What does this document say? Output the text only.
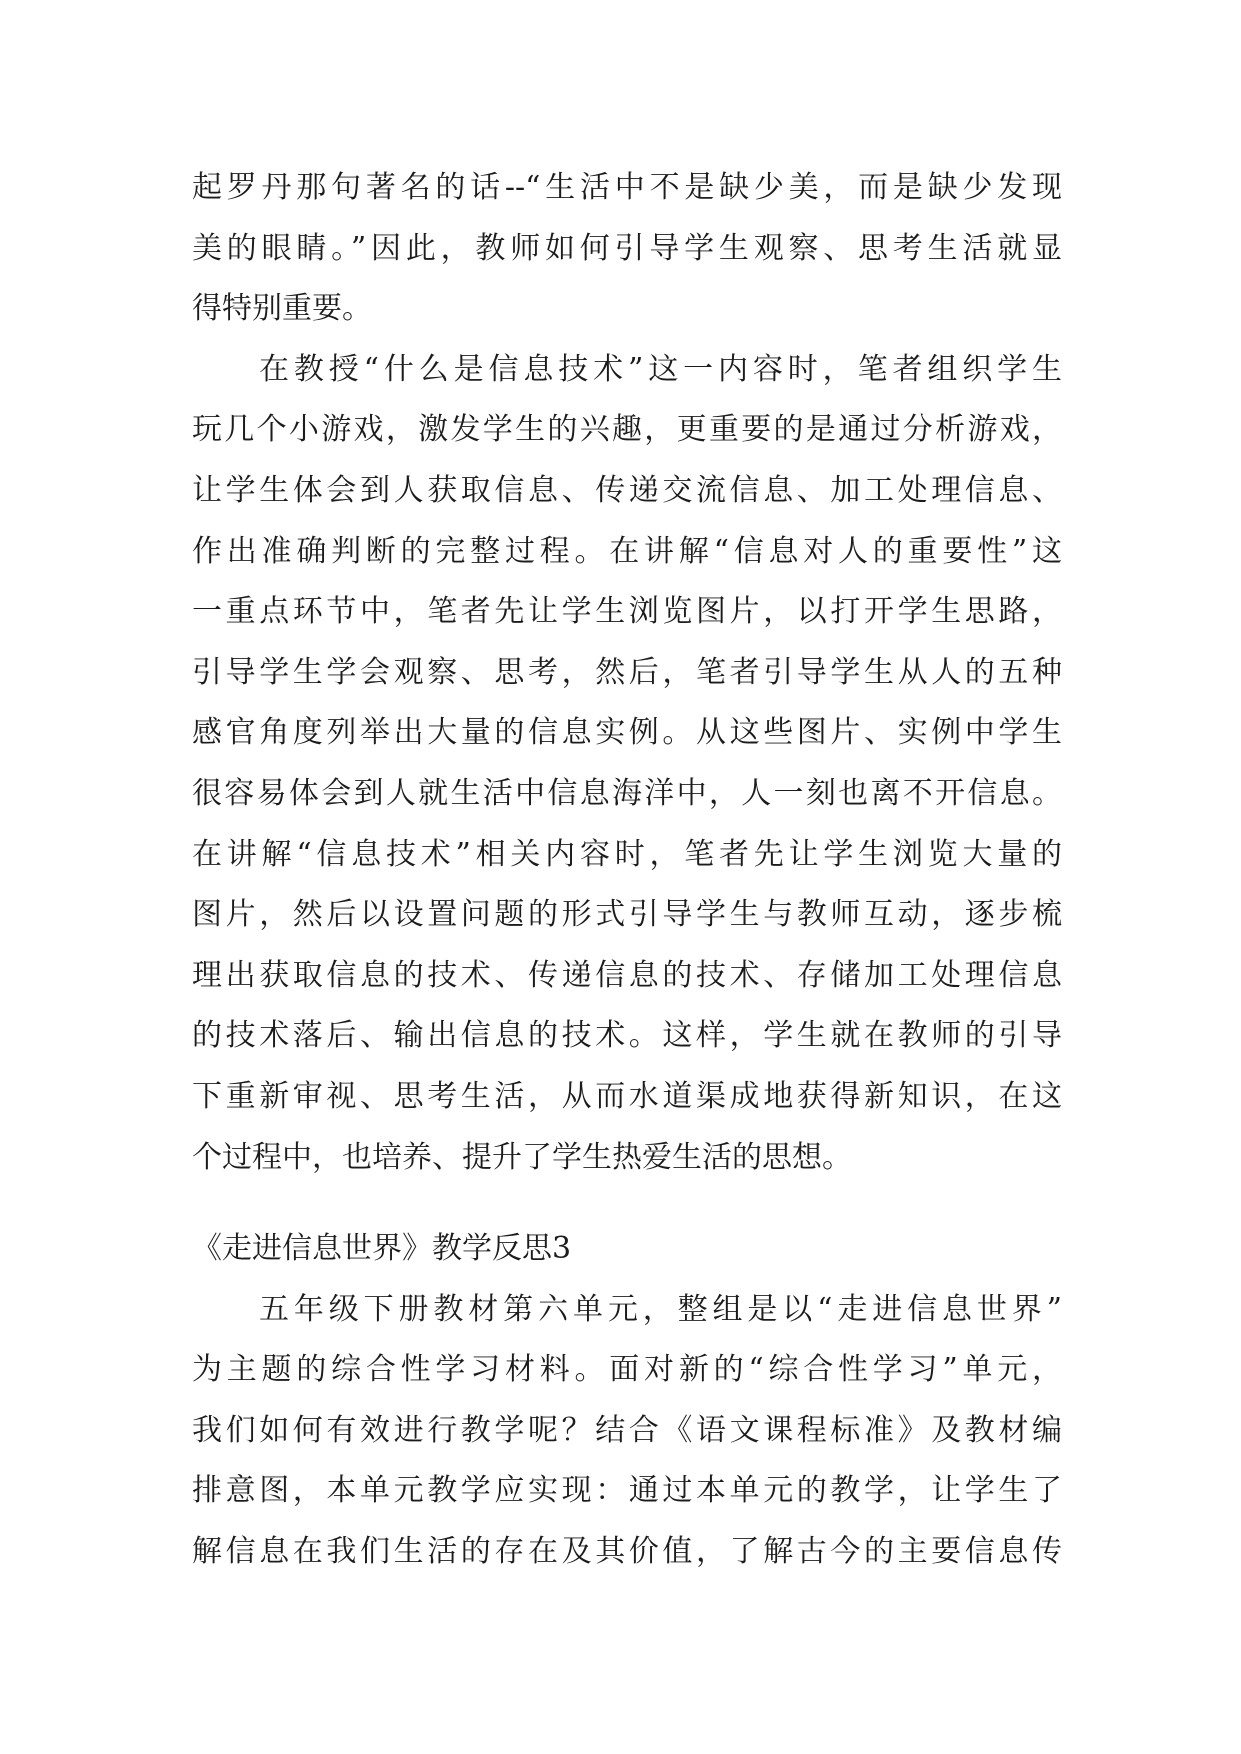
起罗丹那句著名的话--“生活中不是缺少美，而是缺少发现
美的眼睛。”因此，教师如何引导学生观察、思考生活就显
得特别重要。
在教授“什么是信息技术”这一内容时，笔者组织学生
玩几个小游戏，激发学生的兴趣，更重要的是通过分析游戏，
让学生体会到人获取信息、传递交流信息、加工处理信息、
作出准确判断的完整过程。在讲解“信息对人的重要性”这
一重点环节中，笔者先让学生浏览图片，以打开学生思路，
引导学生学会观察、思考，然后，笔者引导学生从人的五种
感官角度列举出大量的信息实例。从这些图片、实例中学生
很容易体会到人就生活中信息海洋中，人一刻也离不开信息。
在讲解“信息技术”相关内容时，笔者先让学生浏览大量的
图片，然后以设置问题的形式引导学生与教师互动，逐步梳
理出获取信息的技术、传递信息的技术、存储加工处理信息
的技术落后、输出信息的技术。这样，学生就在教师的引导
下重新审视、思考生活，从而水道渠成地获得新知识，在这
个过程中，也培养、提升了学生热爱生活的思想。
《走进信息世界》教学反思3
五年级下册教材第六单元，整组是以“走进信息世界”
为主题的综合性学习材料。面对新的“综合性学习”单元，
我们如何有效进行教学呢？结合《语文课程标准》及教材编
排意图，本单元教学应实现：通过本单元的教学，让学生了
解信息在我们生活的存在及其价值，了解古今的主要信息传
